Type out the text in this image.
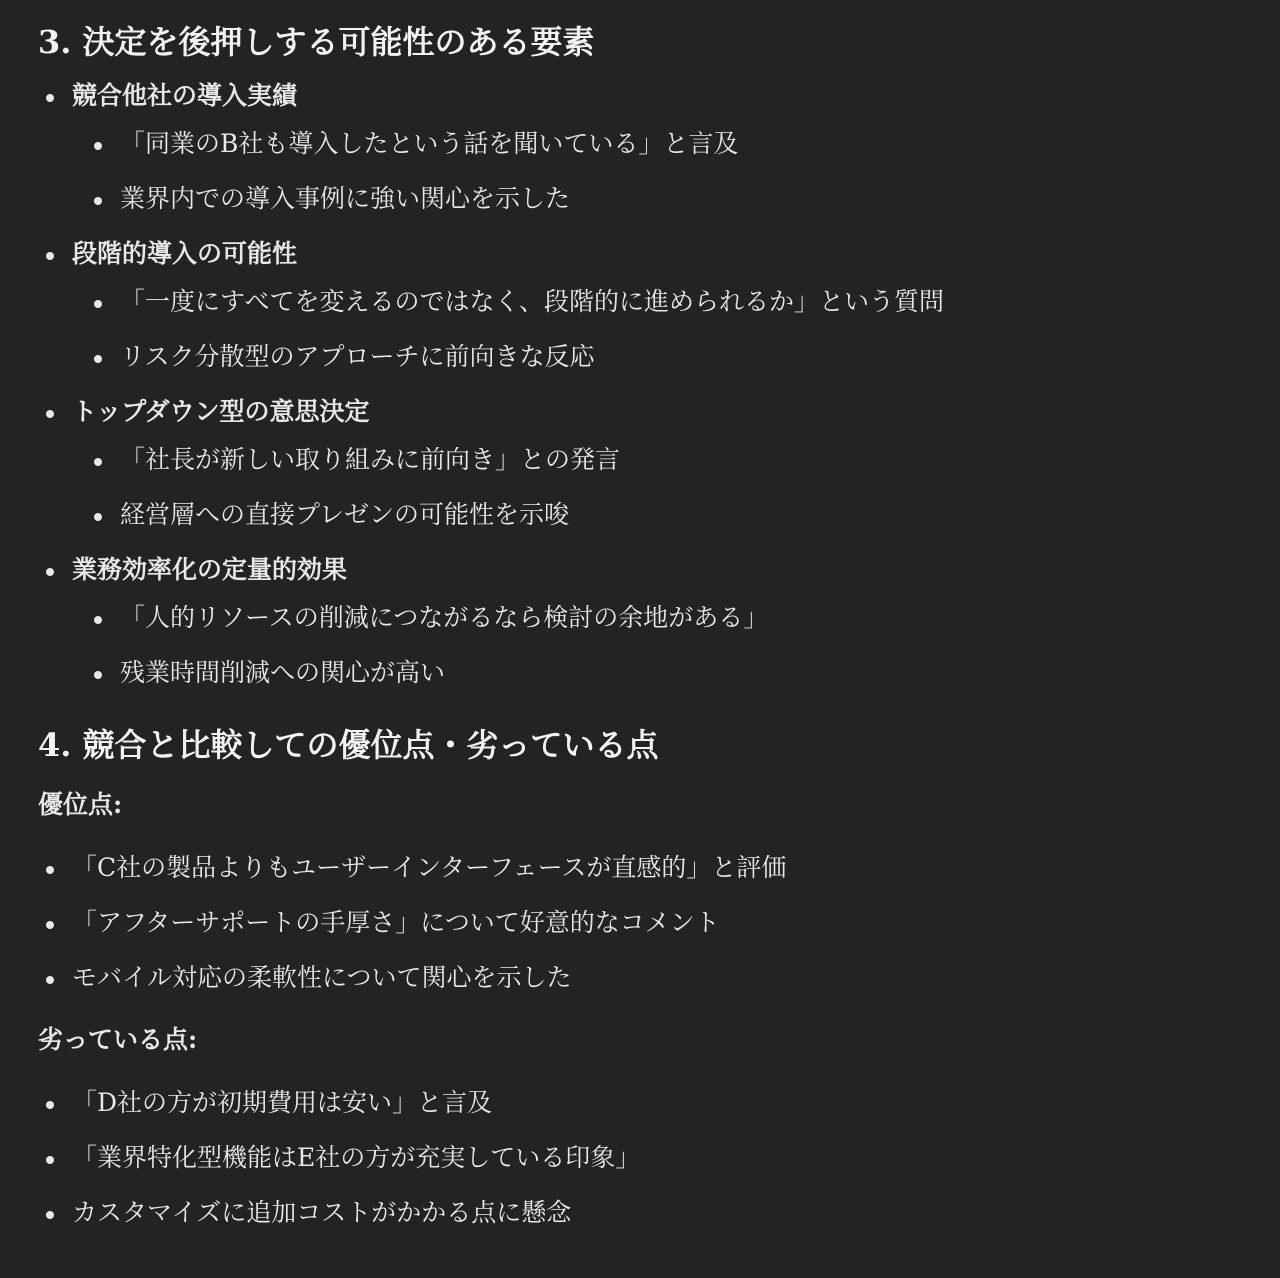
3. 決定を後押しする可能性のある要素
競合他社の導入実績
「同業のB社も導入したという話を聞いている」と言及
業界内での導入事例に強い関心を示した
段階的導入の可能性
「一度にすべてを変えるのではなく、段階的に進められるか」という質問
リスク分散型のアプローチに前向きな反応
トップダウン型の意思決定
「社長が新しい取り組みに前向き」との発言
経営層への直接プレゼンの可能性を示唆
業務効率化の定量的効果
「人的リソースの削減につながるなら検討の余地がある」
残業時間削減への関心が高い
4. 競合と比較しての優位点・劣っている点
優位点:
「C社の製品よりもユーザーインターフェースが直感的」と評価
「アフターサポートの手厚さ」について好意的なコメント
モバイル対応の柔軟性について関心を示した
劣っている点:
「D社の方が初期費用は安い」と言及
「業界特化型機能はE社の方が充実している印象」
カスタマイズに追加コストがかかる点に懸念
